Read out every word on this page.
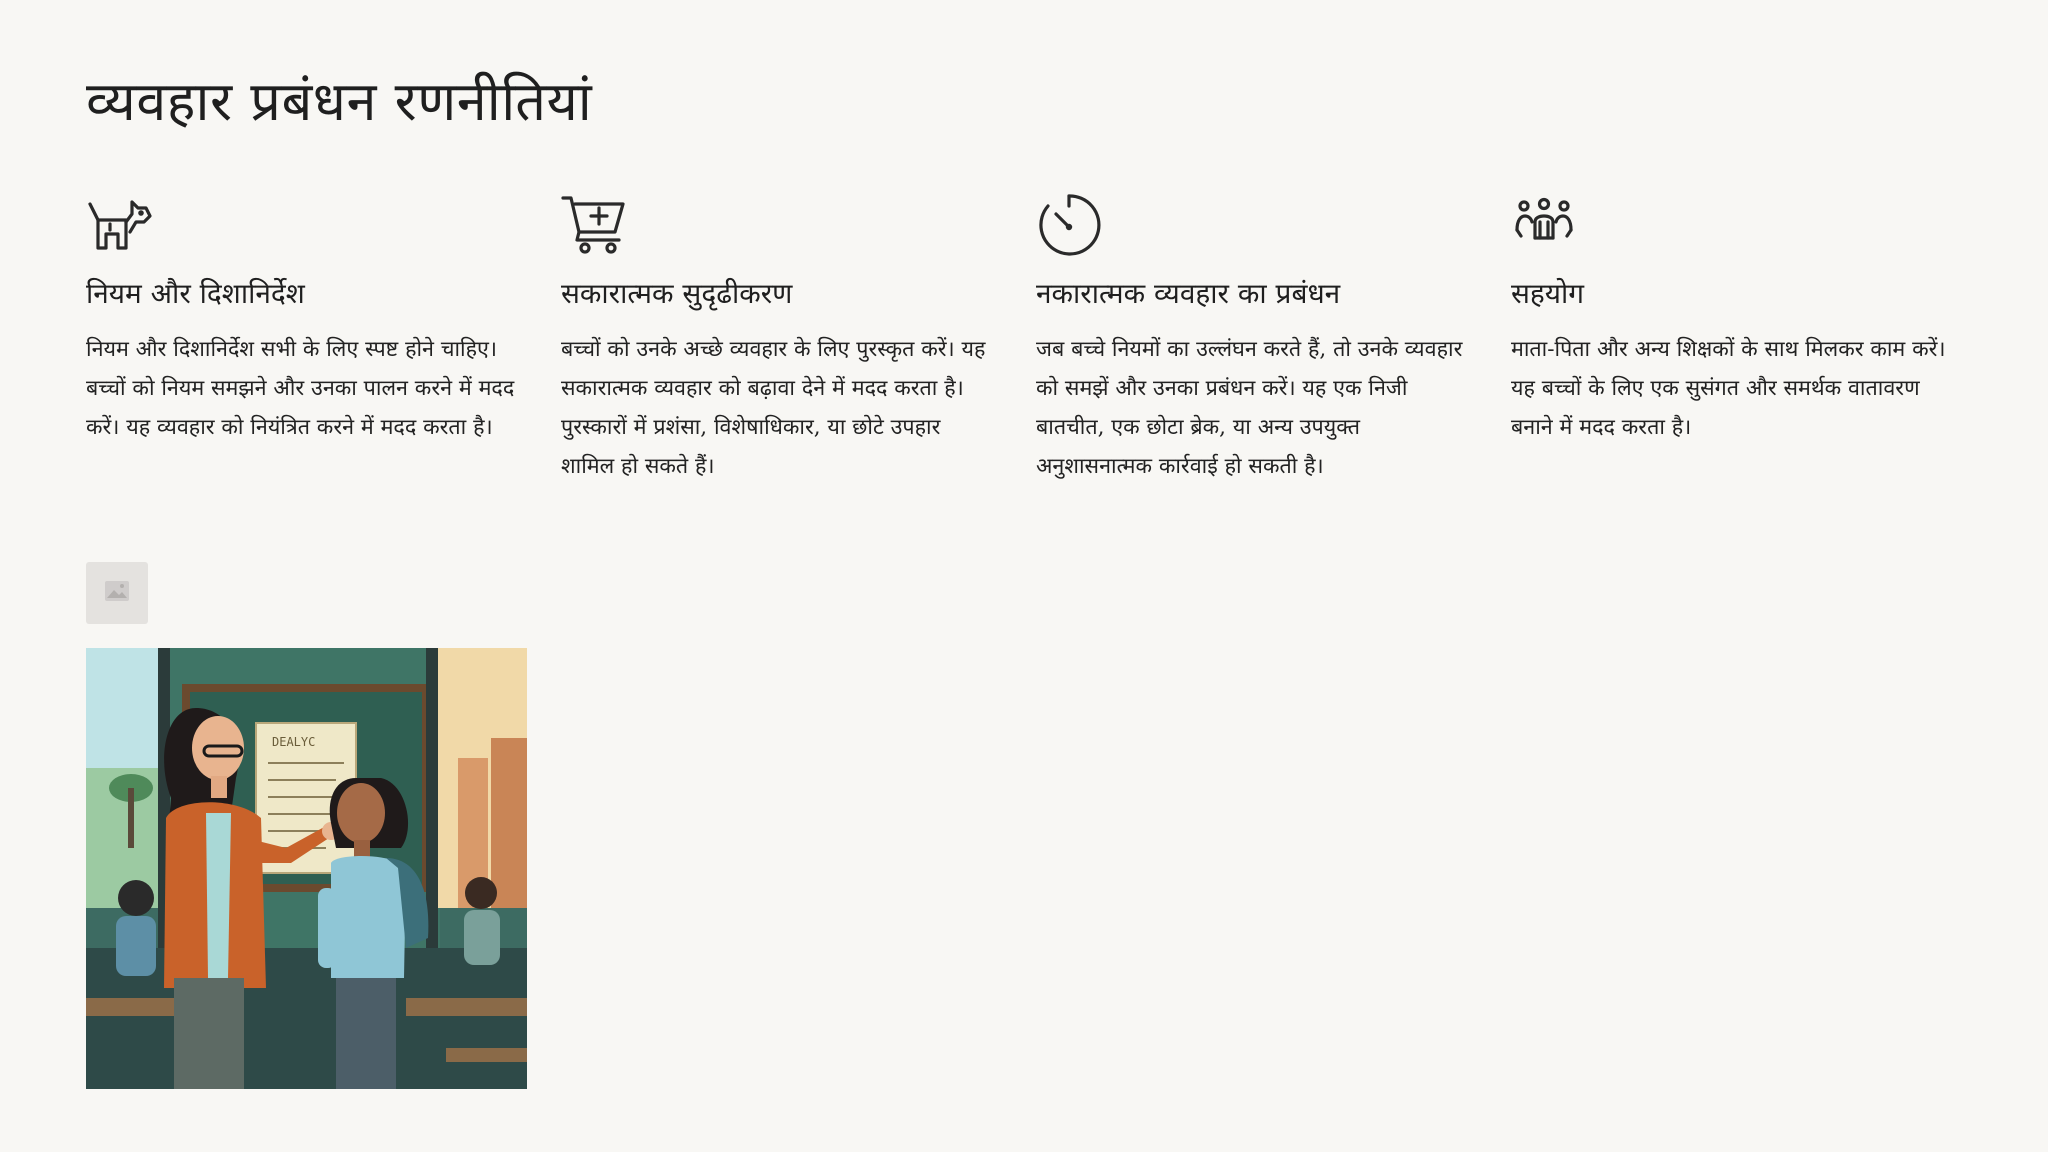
व्यवहार प्रबंधन रणनीतियां
नियम और दिशानिर्देश

नियम और दिशानिर्देश सभी के लिए स्पष्ट होने चाहिए। बच्चों को नियम समझने और उनका पालन करने में मदद करें। यह व्यवहार को नियंत्रित करने में मदद करता है।

सकारात्मक सुदृढीकरण

बच्चों को उनके अच्छे व्यवहार के लिए पुरस्कृत करें। यह सकारात्मक व्यवहार को बढ़ावा देने में मदद करता है। पुरस्कारों में प्रशंसा, विशेषाधिकार, या छोटे उपहार शामिल हो सकते हैं।

नकारात्मक व्यवहार का प्रबंधन

जब बच्चे नियमों का उल्लंघन करते हैं, तो उनके व्यवहार को समझें और उनका प्रबंधन करें। यह एक निजी बातचीत, एक छोटा ब्रेक, या अन्य उपयुक्त अनुशासनात्मक कार्रवाई हो सकती है।

सहयोग

माता-पिता और अन्य शिक्षकों के साथ मिलकर काम करें। यह बच्चों के लिए एक सुसंगत और समर्थक वातावरण बनाने में मदद करता है।

DEALYC
